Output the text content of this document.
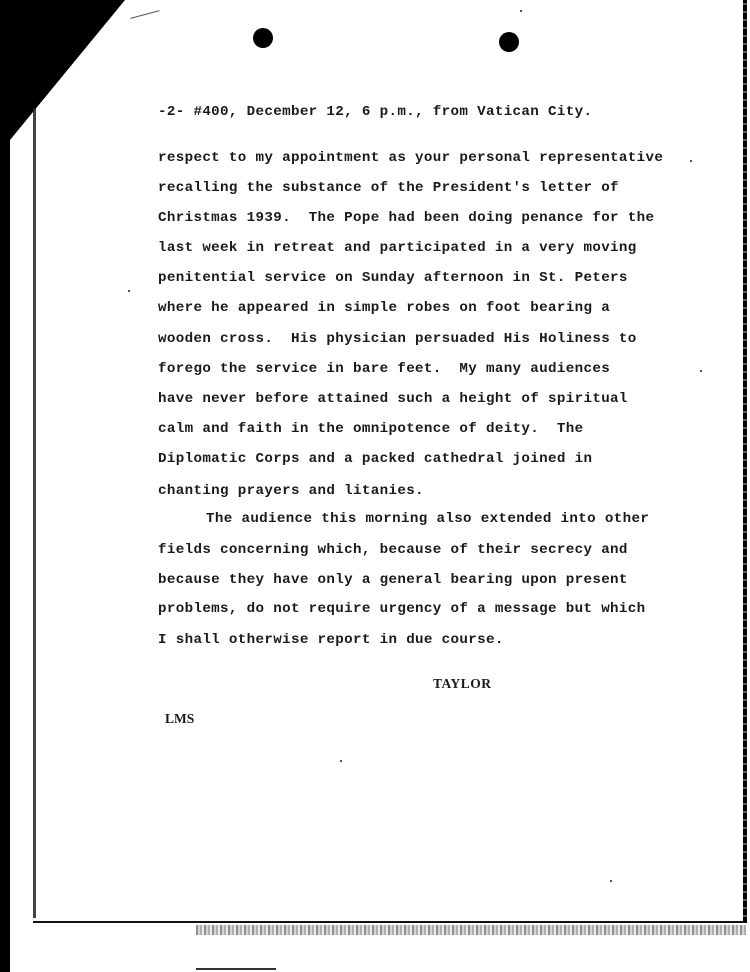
-2- #400, December 12, 6 p.m., from Vatican City.
respect to my appointment as your personal representative
recalling the substance of the President's letter of
Christmas 1939.  The Pope had been doing penance for the
last week in retreat and participated in a very moving
penitential service on Sunday afternoon in St. Peters
where he appeared in simple robes on foot bearing a
wooden cross.  His physician persuaded His Holiness to
forego the service in bare feet.  My many audiences
have never before attained such a height of spiritual
calm and faith in the omnipotence of deity.  The
Diplomatic Corps and a packed cathedral joined in
chanting prayers and litanies.
The audience this morning also extended into other
fields concerning which, because of their secrecy and
because they have only a general bearing upon present
problems, do not require urgency of a message but which
I shall otherwise report in due course.
TAYLOR
LMS
